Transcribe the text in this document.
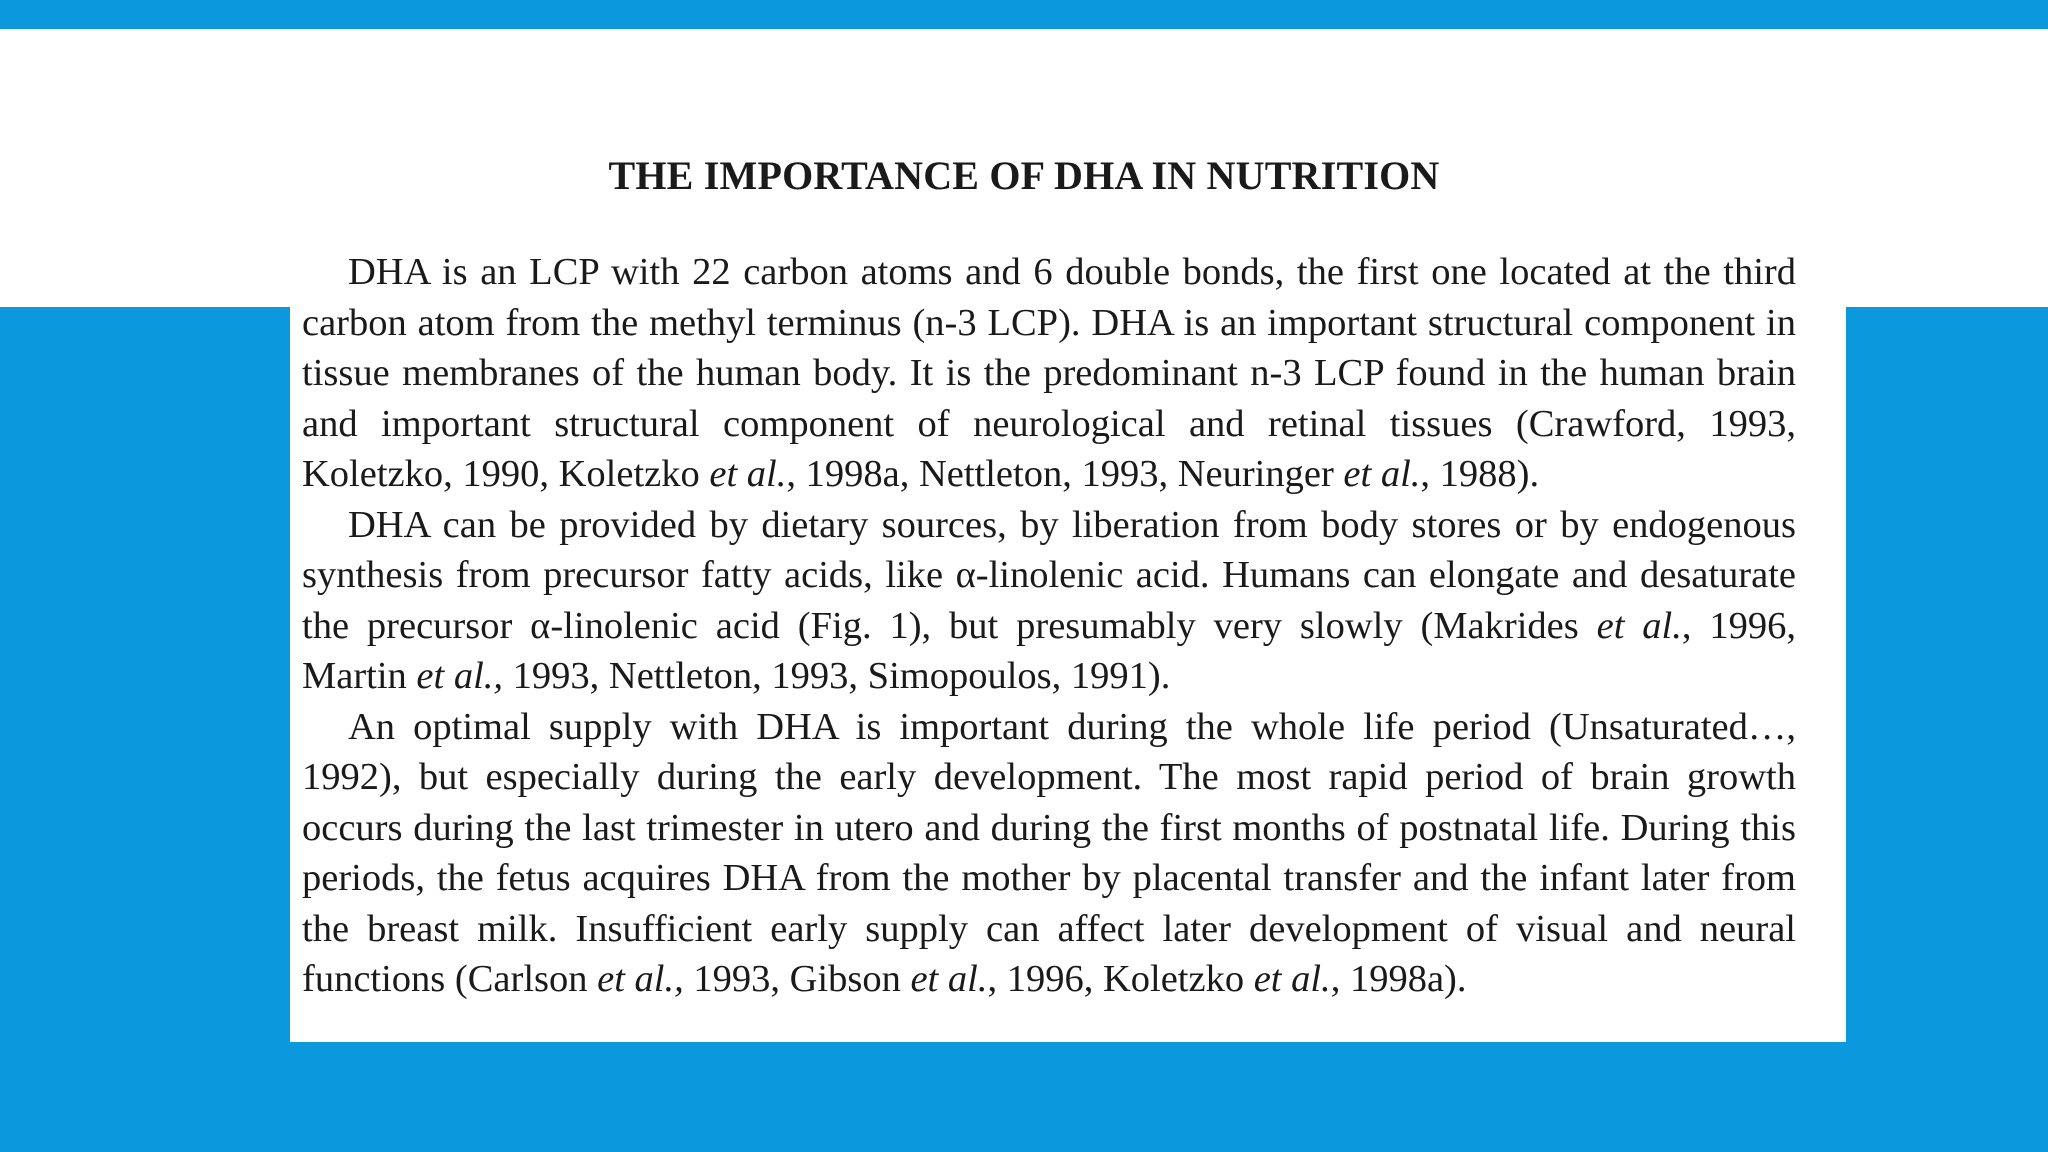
THE IMPORTANCE OF DHA IN NUTRITION

DHA is an LCP with 22 carbon atoms and 6 double bonds, the first one located at the third carbon atom from the methyl terminus (n-3 LCP). DHA is an important structural component in tissue membranes of the human body. It is the predominant n-3 LCP found in the human brain and important structural component of neurological and retinal tissues (Crawford, 1993, Koletzko, 1990, Koletzko et al., 1998a, Nettleton, 1993, Neuringer et al., 1988).

DHA can be provided by dietary sources, by liberation from body stores or by endogenous synthesis from precursor fatty acids, like α-linolenic acid. Humans can elongate and desaturate the precursor α-linolenic acid (Fig. 1), but presumably very slowly (Makrides et al., 1996, Martin et al., 1993, Nettleton, 1993, Simopoulos, 1991).

An optimal supply with DHA is important during the whole life period (Unsaturated…, 1992), but especially during the early development. The most rapid period of brain growth occurs during the last trimester in utero and during the first months of postnatal life. During this periods, the fetus acquires DHA from the mother by placental transfer and the infant later from the breast milk. Insufficient early supply can affect later development of visual and neural functions (Carlson et al., 1993, Gibson et al., 1996, Koletzko et al., 1998a).
